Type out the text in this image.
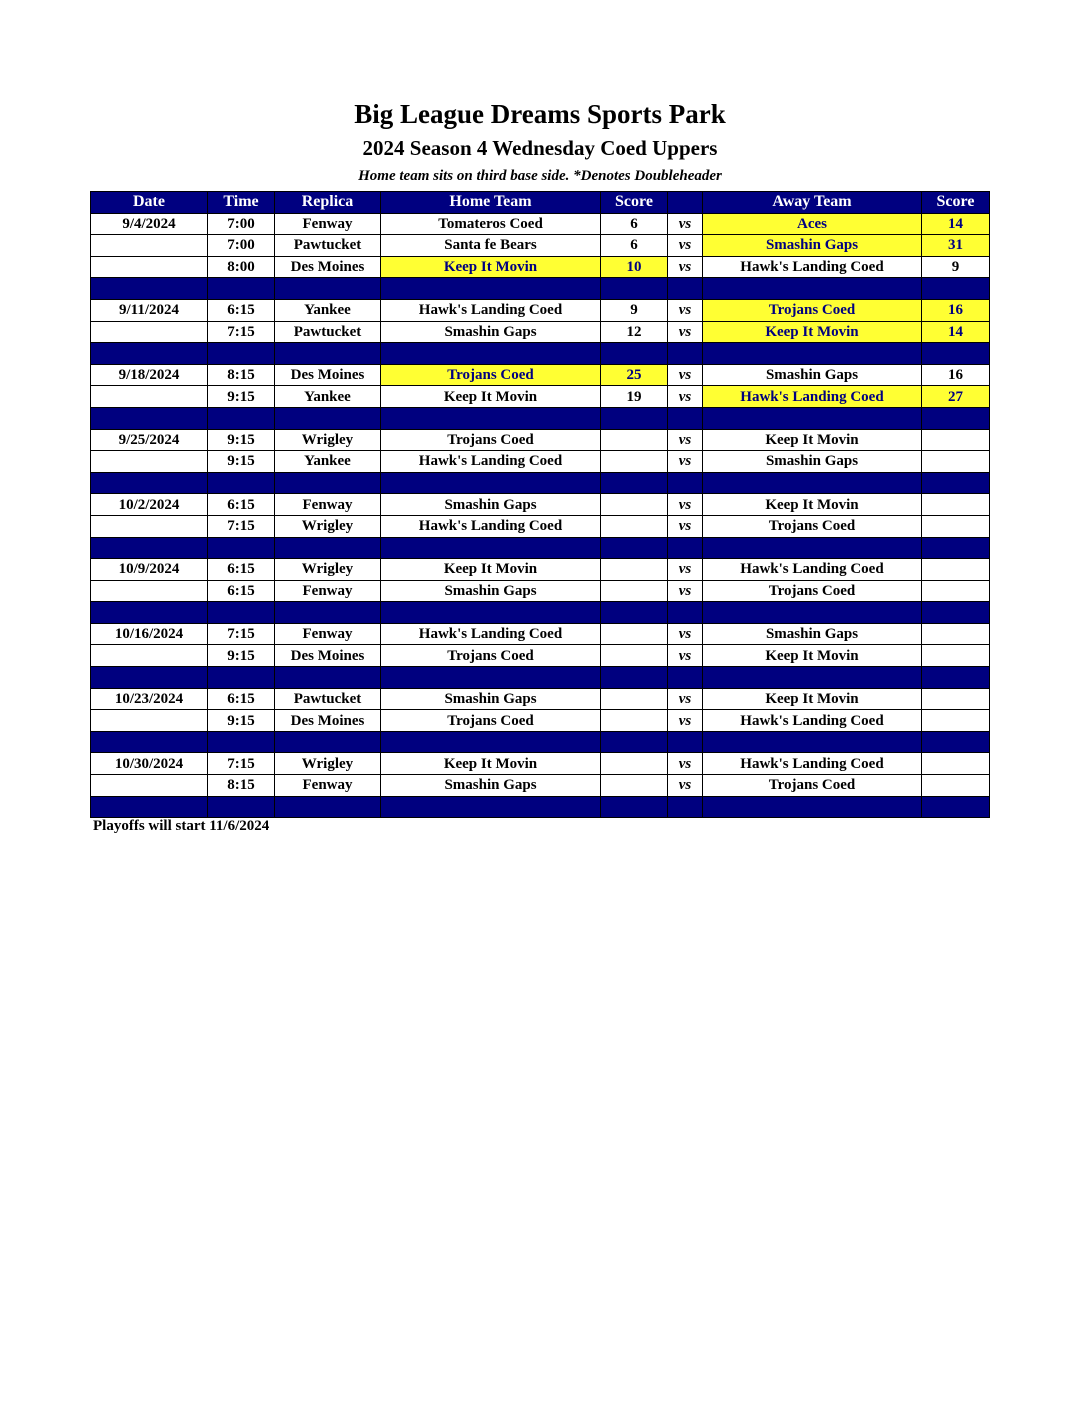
Big League Dreams Sports Park
2024 Season 4 Wednesday Coed Uppers
Home team sits on third base side. *Denotes Doubleheader
Date	Time	Replica	Home Team	Score		Away Team	Score
9/4/2024	7:00	Fenway	Tomateros Coed	6	vs	Aces	14
	7:00	Pawtucket	Santa fe Bears	6	vs	Smashin Gaps	31
	8:00	Des Moines	Keep It Movin	10	vs	Hawk's Landing Coed	9

9/11/2024	6:15	Yankee	Hawk's Landing Coed	9	vs	Trojans Coed	16
	7:15	Pawtucket	Smashin Gaps	12	vs	Keep It Movin	14

9/18/2024	8:15	Des Moines	Trojans Coed	25	vs	Smashin Gaps	16
	9:15	Yankee	Keep It Movin	19	vs	Hawk's Landing Coed	27

9/25/2024	9:15	Wrigley	Trojans Coed		vs	Keep It Movin	
	9:15	Yankee	Hawk's Landing Coed		vs	Smashin Gaps	

10/2/2024	6:15	Fenway	Smashin Gaps		vs	Keep It Movin	
	7:15	Wrigley	Hawk's Landing Coed		vs	Trojans Coed	

10/9/2024	6:15	Wrigley	Keep It Movin		vs	Hawk's Landing Coed	
	6:15	Fenway	Smashin Gaps		vs	Trojans Coed	

10/16/2024	7:15	Fenway	Hawk's Landing Coed		vs	Smashin Gaps	
	9:15	Des Moines	Trojans Coed		vs	Keep It Movin	

10/23/2024	6:15	Pawtucket	Smashin Gaps		vs	Keep It Movin	
	9:15	Des Moines	Trojans Coed		vs	Hawk's Landing Coed	

10/30/2024	7:15	Wrigley	Keep It Movin		vs	Hawk's Landing Coed	
	8:15	Fenway	Smashin Gaps		vs	Trojans Coed	

Playoffs will start 11/6/2024
